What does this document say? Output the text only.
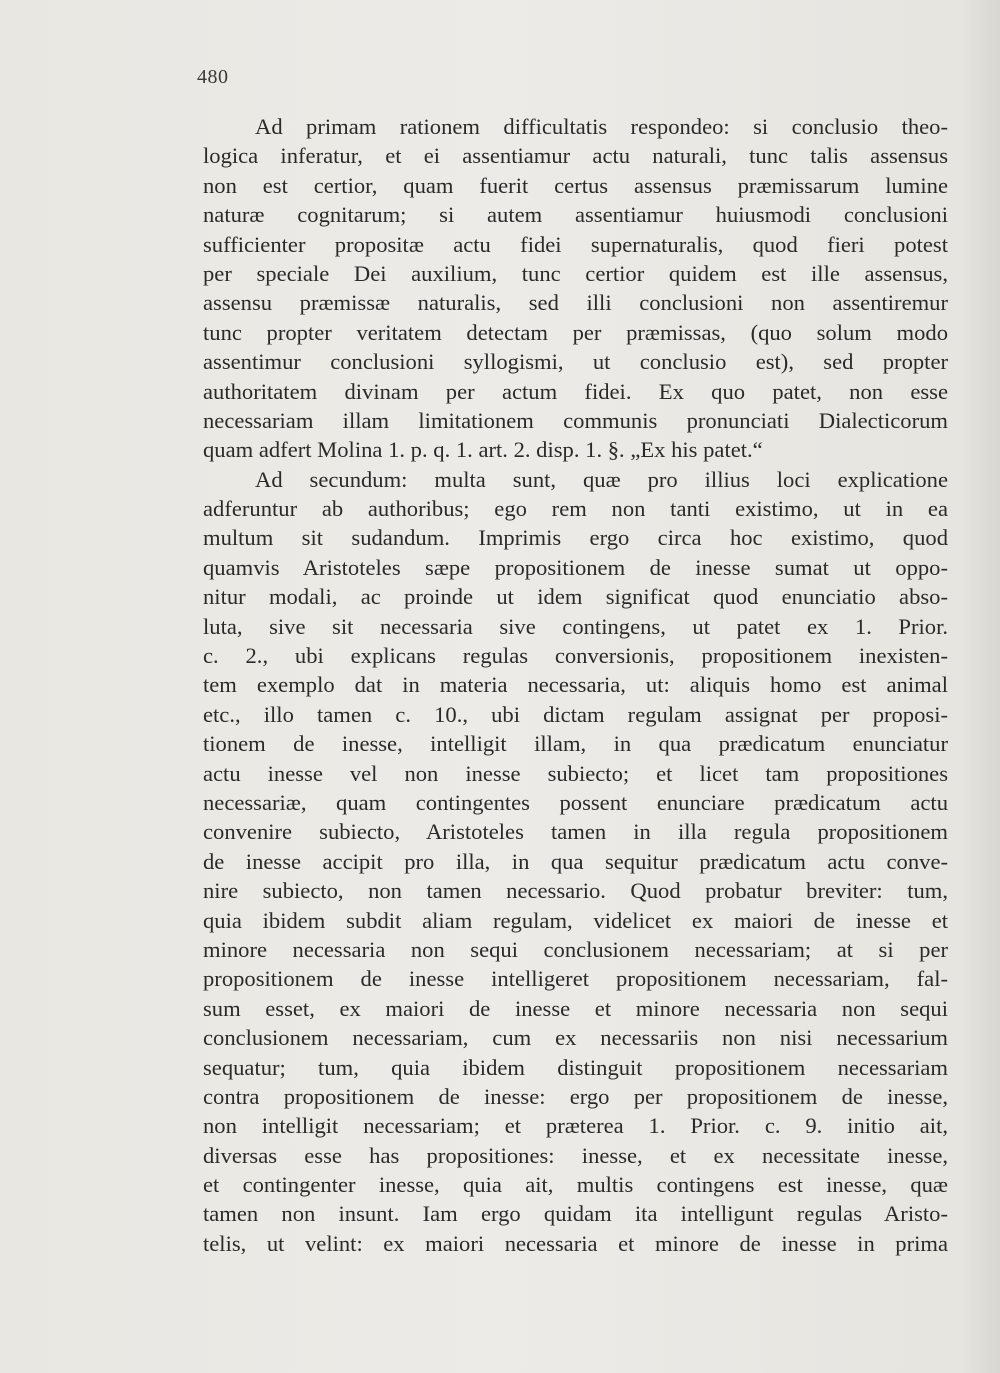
480
Ad primam rationem difficultatis respondeo: si conclusio theo-
logica inferatur, et ei assentiamur actu naturali, tunc talis assensus
non est certior, quam fuerit certus assensus præmissarum lumine
naturæ cognitarum; si autem assentiamur huiusmodi conclusioni
sufficienter propositæ actu fidei supernaturalis, quod fieri potest
per speciale Dei auxilium, tunc certior quidem est ille assensus,
assensu præmissæ naturalis, sed illi conclusioni non assentiremur
tunc propter veritatem detectam per præmissas, (quo solum modo
assentimur conclusioni syllogismi, ut conclusio est), sed propter
authoritatem divinam per actum fidei. Ex quo patet, non esse
necessariam illam limitationem communis pronunciati Dialecticorum
quam adfert Molina 1. p. q. 1. art. 2. disp. 1. §. „Ex his patet.“
Ad secundum: multa sunt, quæ pro illius loci explicatione
adferuntur ab authoribus; ego rem non tanti existimo, ut in ea
multum sit sudandum. Imprimis ergo circa hoc existimo, quod
quamvis Aristoteles sæpe propositionem de inesse sumat ut oppo-
nitur modali, ac proinde ut idem significat quod enunciatio abso-
luta, sive sit necessaria sive contingens, ut patet ex 1. Prior.
c. 2., ubi explicans regulas conversionis, propositionem inexisten-
tem exemplo dat in materia necessaria, ut: aliquis homo est animal
etc., illo tamen c. 10., ubi dictam regulam assignat per proposi-
tionem de inesse, intelligit illam, in qua prædicatum enunciatur
actu inesse vel non inesse subiecto; et licet tam propositiones
necessariæ, quam contingentes possent enunciare prædicatum actu
convenire subiecto, Aristoteles tamen in illa regula propositionem
de inesse accipit pro illa, in qua sequitur prædicatum actu conve-
nire subiecto, non tamen necessario. Quod probatur breviter: tum,
quia ibidem subdit aliam regulam, videlicet ex maiori de inesse et
minore necessaria non sequi conclusionem necessariam; at si per
propositionem de inesse intelligeret propositionem necessariam, fal-
sum esset, ex maiori de inesse et minore necessaria non sequi
conclusionem necessariam, cum ex necessariis non nisi necessarium
sequatur; tum, quia ibidem distinguit propositionem necessariam
contra propositionem de inesse: ergo per propositionem de inesse,
non intelligit necessariam; et præterea 1. Prior. c. 9. initio ait,
diversas esse has propositiones: inesse, et ex necessitate inesse,
et contingenter inesse, quia ait, multis contingens est inesse, quæ
tamen non insunt. Iam ergo quidam ita intelligunt regulas Aristo-
telis, ut velint: ex maiori necessaria et minore de inesse in prima
